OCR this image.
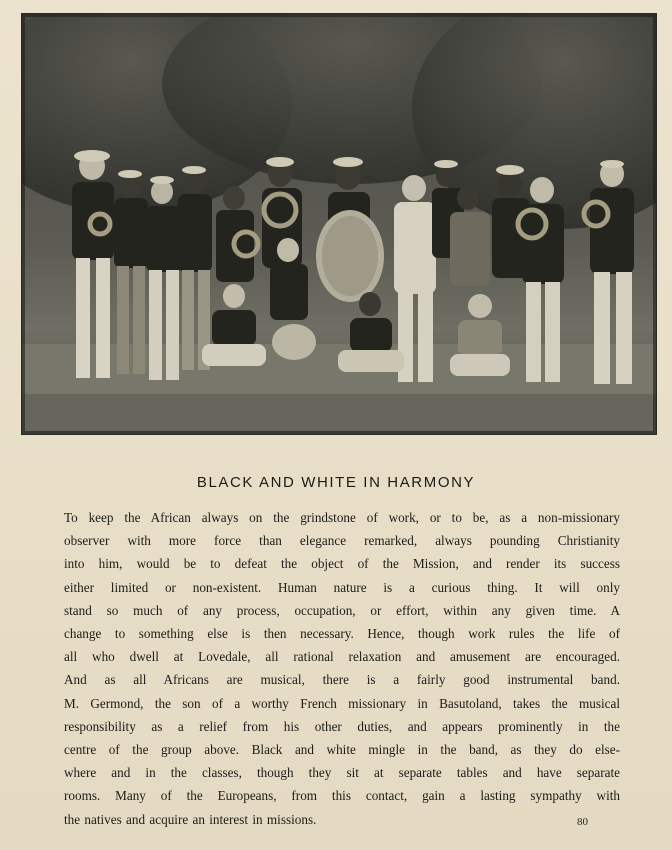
BLACK AND WHITE IN HARMONY
To keep the African always on the grindstone of work, or to be, as a non-missionary
observer with more force than elegance remarked, always pounding Christianity
into him, would be to defeat the object of the Mission, and render its success
either limited or non-existent. Human nature is a curious thing. It will only
stand so much of any process, occupation, or effort, within any given time. A
change to something else is then necessary. Hence, though work rules the life of
all who dwell at Lovedale, all rational relaxation and amusement are encouraged.
And as all Africans are musical, there is a fairly good instrumental band.
M. Germond, the son of a worthy French missionary in Basutoland, takes the musical
responsibility as a relief from his other duties, and appears prominently in the
centre of the group above. Black and white mingle in the band, as they do else-
where and in the classes, though they sit at separate tables and have separate
rooms. Many of the Europeans, from this contact, gain a lasting sympathy with
the natives and acquire an interest in missions.	80
